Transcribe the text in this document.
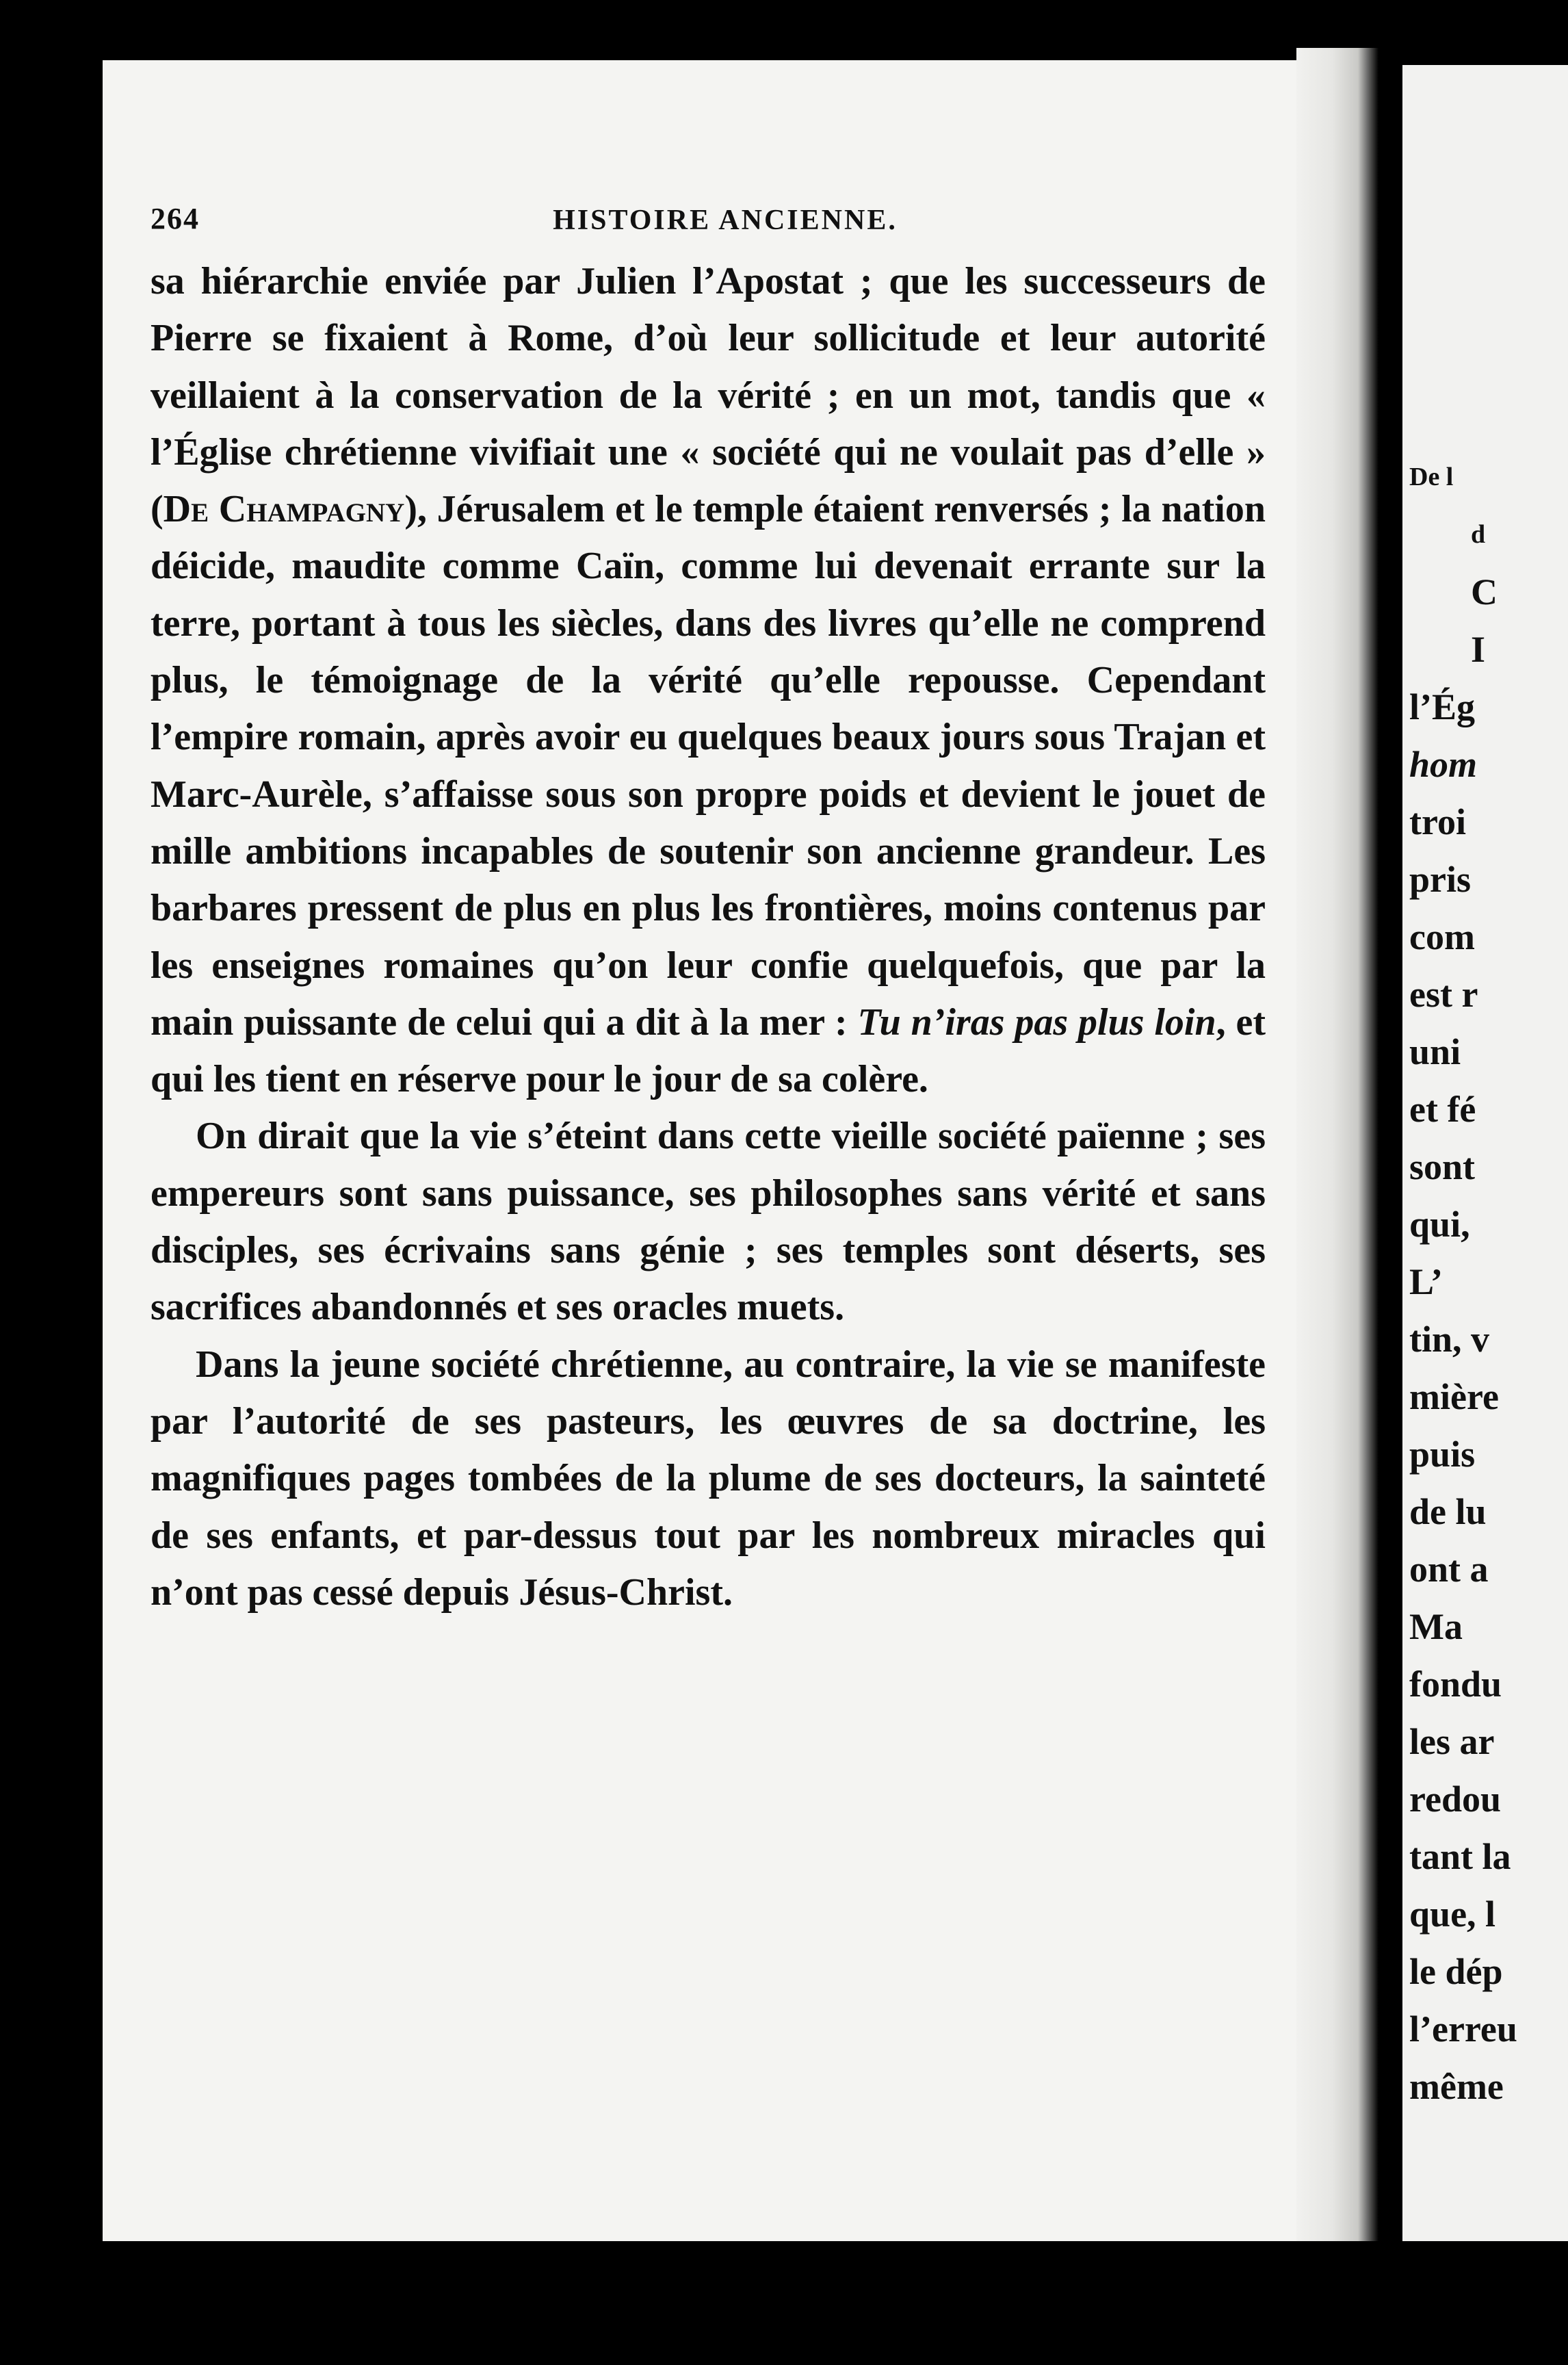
264	HISTOIRE ANCIENNE.

sa hiérarchie enviée par Julien l’Apostat ; que les successeurs de Pierre se fixaient à Rome, d’où leur sollicitude et leur autorité veillaient à la conservation de la vérité ; en un mot, tandis que « l’Église chrétienne vivifiait une « société qui ne voulait pas d’elle » (De Champagny), Jérusalem et le temple étaient renversés ; la nation déicide, maudite comme Caïn, comme lui devenait errante sur la terre, portant à tous les siècles, dans des livres qu’elle ne comprend plus, le témoignage de la vérité qu’elle repousse. Cependant l’empire romain, après avoir eu quelques beaux jours sous Trajan et Marc-Aurèle, s’affaisse sous son propre poids et devient le jouet de mille ambitions incapables de soutenir son ancienne grandeur. Les barbares pressent de plus en plus les frontières, moins contenus par les enseignes romaines qu’on leur confie quelquefois, que par la main puissante de celui qui a dit à la mer : Tu n’iras pas plus loin, et qui les tient en réserve pour le jour de sa colère.

On dirait que la vie s’éteint dans cette vieille société païenne ; ses empereurs sont sans puissance, ses philosophes sans vérité et sans disciples, ses écrivains sans génie ; ses temples sont déserts, ses sacrifices abandonnés et ses oracles muets.

Dans la jeune société chrétienne, au contraire, la vie se manifeste par l’autorité de ses pasteurs, les œuvres de sa doctrine, les magnifiques pages tombées de la plume de ses docteurs, la sainteté de ses enfants, et par-dessus tout par les nombreux miracles qui n’ont pas cessé depuis Jésus-Christ.

De l
d
C
I
l’Ég
hom
troi
pris
com
est r
uni
et fé
sont
qui,
L’
tin, v
mière
puis
de lu
ont a
Ma
fondu
les ar
redou
tant la
que, l
le dép
l’erreu
même
